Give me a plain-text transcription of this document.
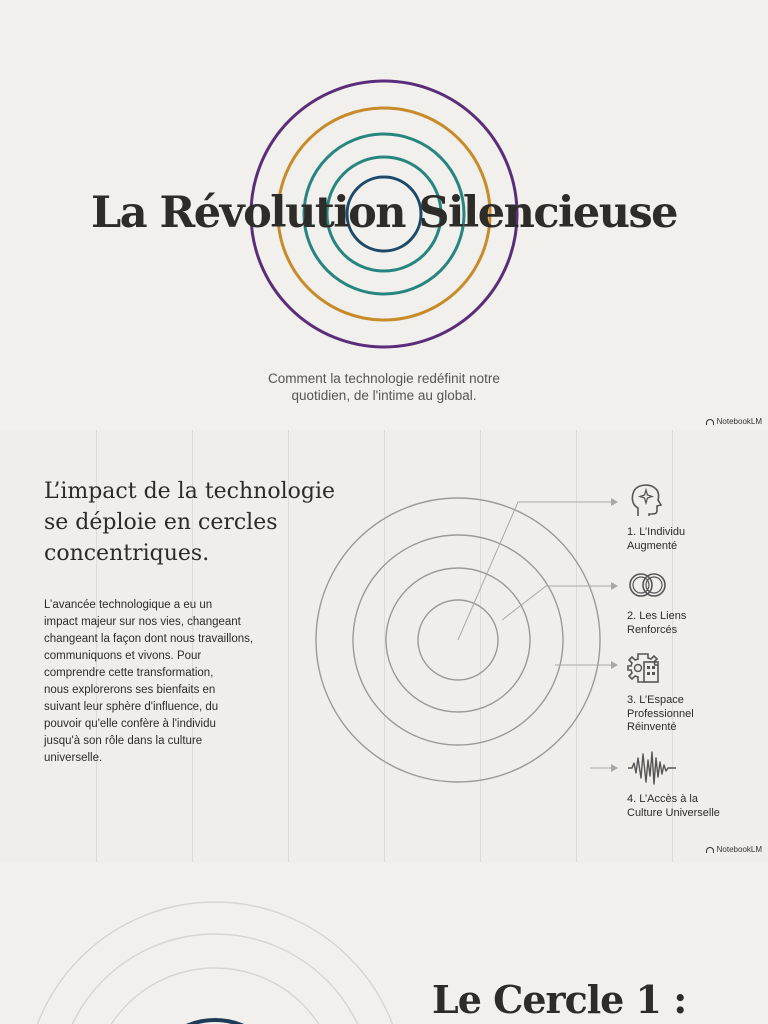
La Révolution Silencieuse
Comment la technologie redéfinit notre
quotidien, de l'intime au global.
NotebookLM
L’impact de la technologie
se déploie en cercles
concentriques.
L’avancée technologique a eu un
impact majeur sur nos vies, changeant
changeant la façon dont nous travaillons,
communiquons et vivons. Pour
comprendre cette transformation,
nous explorerons ses bienfaits en
suivant leur sphère d'influence, du
pouvoir qu'elle confère à l'individu
jusqu'à son rôle dans la culture
universelle.
1. L’Individu
Augmenté
2. Les Liens
Renforcés
3. L’Espace
Professionnel
Réinventé
4. L’Accès à la
Culture Universelle
NotebookLM
Le Cercle 1 :
